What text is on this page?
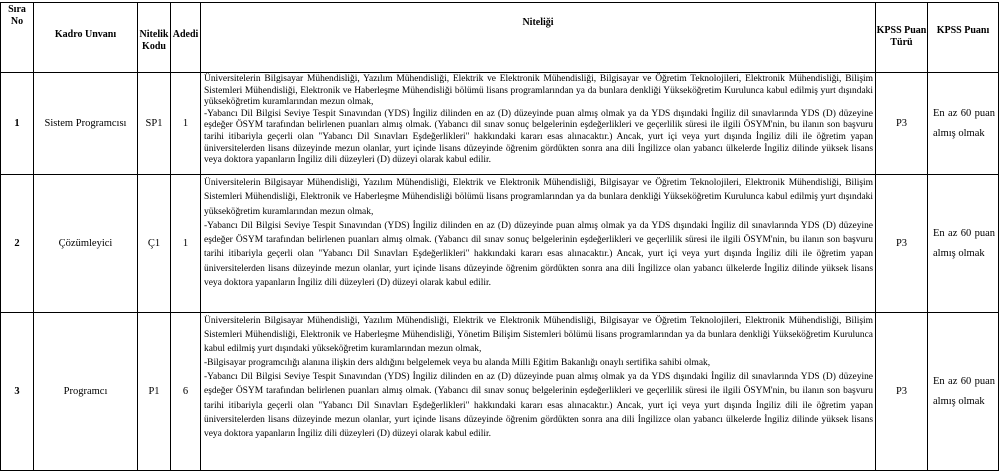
Sıra No	Kadro Unvanı	Nitelik Kodu	Adedi	Niteliği	KPSS Puan Türü	KPSS Puanı
1	Sistem Programcısı	SP1	1	Üniversitelerin Bilgisayar Mühendisliği, Yazılım Mühendisliği, Elektrik ve Elektronik Mühendisliği, Bilgisayar ve Öğretim Teknolojileri, Elektronik Mühendisliği, Bilişim Sistemleri Mühendisliği, Elektronik ve Haberleşme Mühendisliği bölümü lisans programlarından ya da bunlara denkliği Yükseköğretim Kurulunca kabul edilmiş yurt dışındaki yükseköğretim kuramlarından mezun olmak,

-Yabancı Dil Bilgisi Seviye Tespit Sınavından (YDS) İngiliz dilinden en az (D) düzeyinde puan almış olmak ya da YDS dışındaki İngiliz dil sınavlarında YDS (D) düzeyine eşdeğer ÖSYM tarafından belirlenen puanları almış olmak. (Yabancı dil sınav sonuç belgelerinin eşdeğerlikleri ve geçerlilik süresi ile ilgili ÖSYM'nin, bu ilanın son başvuru tarihi itibariyla geçerli olan "Yabancı Dil Sınavları Eşdeğerlikleri" hakkındaki kararı esas alınacaktır.) Ancak, yurt içi veya yurt dışında İngiliz dili ile öğretim yapan üniversitelerden lisans düzeyinde mezun olanlar, yurt içinde lisans düzeyinde öğrenim gördükten sonra ana dili İngilizce olan yabancı ülkelerde İngiliz dilinde yüksek lisans veya doktora yapanların İngiliz dili düzeyleri (D) düzeyi olarak kabul edilir.	P3	En az 60 puan almış olmak
2	Çözümleyici	Ç1	1	Üniversitelerin Bilgisayar Mühendisliği, Yazılım Mühendisliği, Elektrik ve Elektronik Mühendisliği, Bilgisayar ve Öğretim Teknolojileri, Elektronik Mühendisliği, Bilişim Sistemleri Mühendisliği, Elektronik ve Haberleşme Mühendisliği bölümü lisans programlarından ya da bunlara denkliği Yükseköğretim Kurulunca kabul edilmiş yurt dışındaki yükseköğretim kuramlarından mezun olmak,

-Yabancı Dil Bilgisi Seviye Tespit Sınavından (YDS) İngiliz dilinden en az (D) düzeyinde puan almış olmak ya da YDS dışındaki İngiliz dil sınavlarında YDS (D) düzeyine eşdeğer ÖSYM tarafından belirlenen puanları almış olmak. (Yabancı dil sınav sonuç belgelerinin eşdeğerlikleri ve geçerlilik süresi ile ilgili ÖSYM'nin, bu ilanın son başvuru tarihi itibariyla geçerli olan "Yabancı Dil Sınavları Eşdeğerlikleri" hakkındaki kararı esas alınacaktır.) Ancak, yurt içi veya yurt dışında İngiliz dili ile öğretim yapan üniversitelerden lisans düzeyinde mezun olanlar, yurt içinde lisans düzeyinde öğrenim gördükten sonra ana dili İngilizce olan yabancı ülkelerde İngiliz dilinde yüksek lisans veya doktora yapanların İngiliz dili düzeyleri (D) düzeyi olarak kabul edilir.	P3	En az 60 puan almış olmak
3	Programcı	P1	6	Üniversitelerin Bilgisayar Mühendisliği, Yazılım Mühendisliği, Elektrik ve Elektronik Mühendisliği, Bilgisayar ve Öğretim Teknolojileri, Elektronik Mühendisliği, Bilişim Sistemleri Mühendisliği, Elektronik ve Haberleşme Mühendisliği, Yönetim Bilişim Sistemleri bölümü lisans programlarından ya da bunlara denkliği Yükseköğretim Kurulunca kabul edilmiş yurt dışındaki yükseköğretim kuramlarından mezun olmak,

-Bilgisayar programcılığı alanına ilişkin ders aldığını belgelemek veya bu alanda Milli Eğitim Bakanlığı onaylı sertifika sahibi olmak,

-Yabancı Dil Bilgisi Seviye Tespit Sınavından (YDS) İngiliz dilinden en az (D) düzeyinde puan almış olmak ya da YDS dışındaki İngiliz dil sınavlarında YDS (D) düzeyine eşdeğer ÖSYM tarafından belirlenen puanları almış olmak. (Yabancı dil sınav sonuç belgelerinin eşdeğerlikleri ve geçerlilik süresi ile ilgili ÖSYM'nin, bu ilanın son başvuru tarihi itibariyla geçerli olan "Yabancı Dil Sınavları Eşdeğerlikleri" hakkındaki kararı esas alınacaktır.) Ancak, yurt içi veya yurt dışında İngiliz dili ile öğretim yapan üniversitelerden lisans düzeyinde mezun olanlar, yurt içinde lisans düzeyinde öğrenim gördükten sonra ana dili İngilizce olan yabancı ülkelerde İngiliz dilinde yüksek lisans veya doktora yapanların İngiliz dili düzeyleri (D) düzeyi olarak kabul edilir.	P3	En az 60 puan almış olmak
